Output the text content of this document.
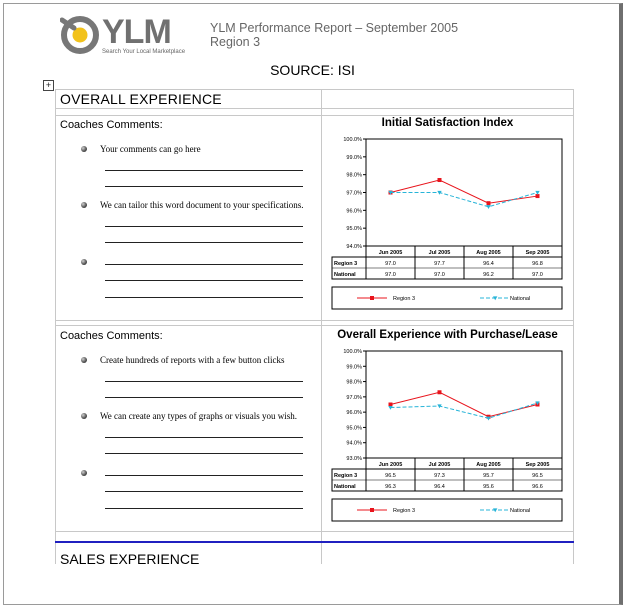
YLM
Search Your Local Marketplace
YLM Performance Report – September 2005
Region 3
SOURCE: ISI
+
OVERALL EXPERIENCE
Coaches Comments:
Your comments can go here
We can tailor this word document to your specifications.
Coaches Comments:
Create hundreds of reports with a few button clicks
We can create any types of graphs or visuals you wish.
Initial Satisfaction Index
Overall Experience with Purchase/Lease
100.0%
99.0%
98.0%
97.0%
96.0%
95.0%
94.0%
Jun 2005	Jul 2005	Aug 2005	Sep 2005
Region 3	97.0	97.7	96.4	96.8
National	97.0	97.0	96.2	97.0
Region 3	National
100.0%
99.0%
98.0%
97.0%
96.0%
95.0%
94.0%
93.0%
Jun 2005	Jul 2005	Aug 2005	Sep 2005
Region 3	96.5	97.3	95.7	96.5
National	96.3	96.4	95.6	96.6
Region 3	National
SALES EXPERIENCE
